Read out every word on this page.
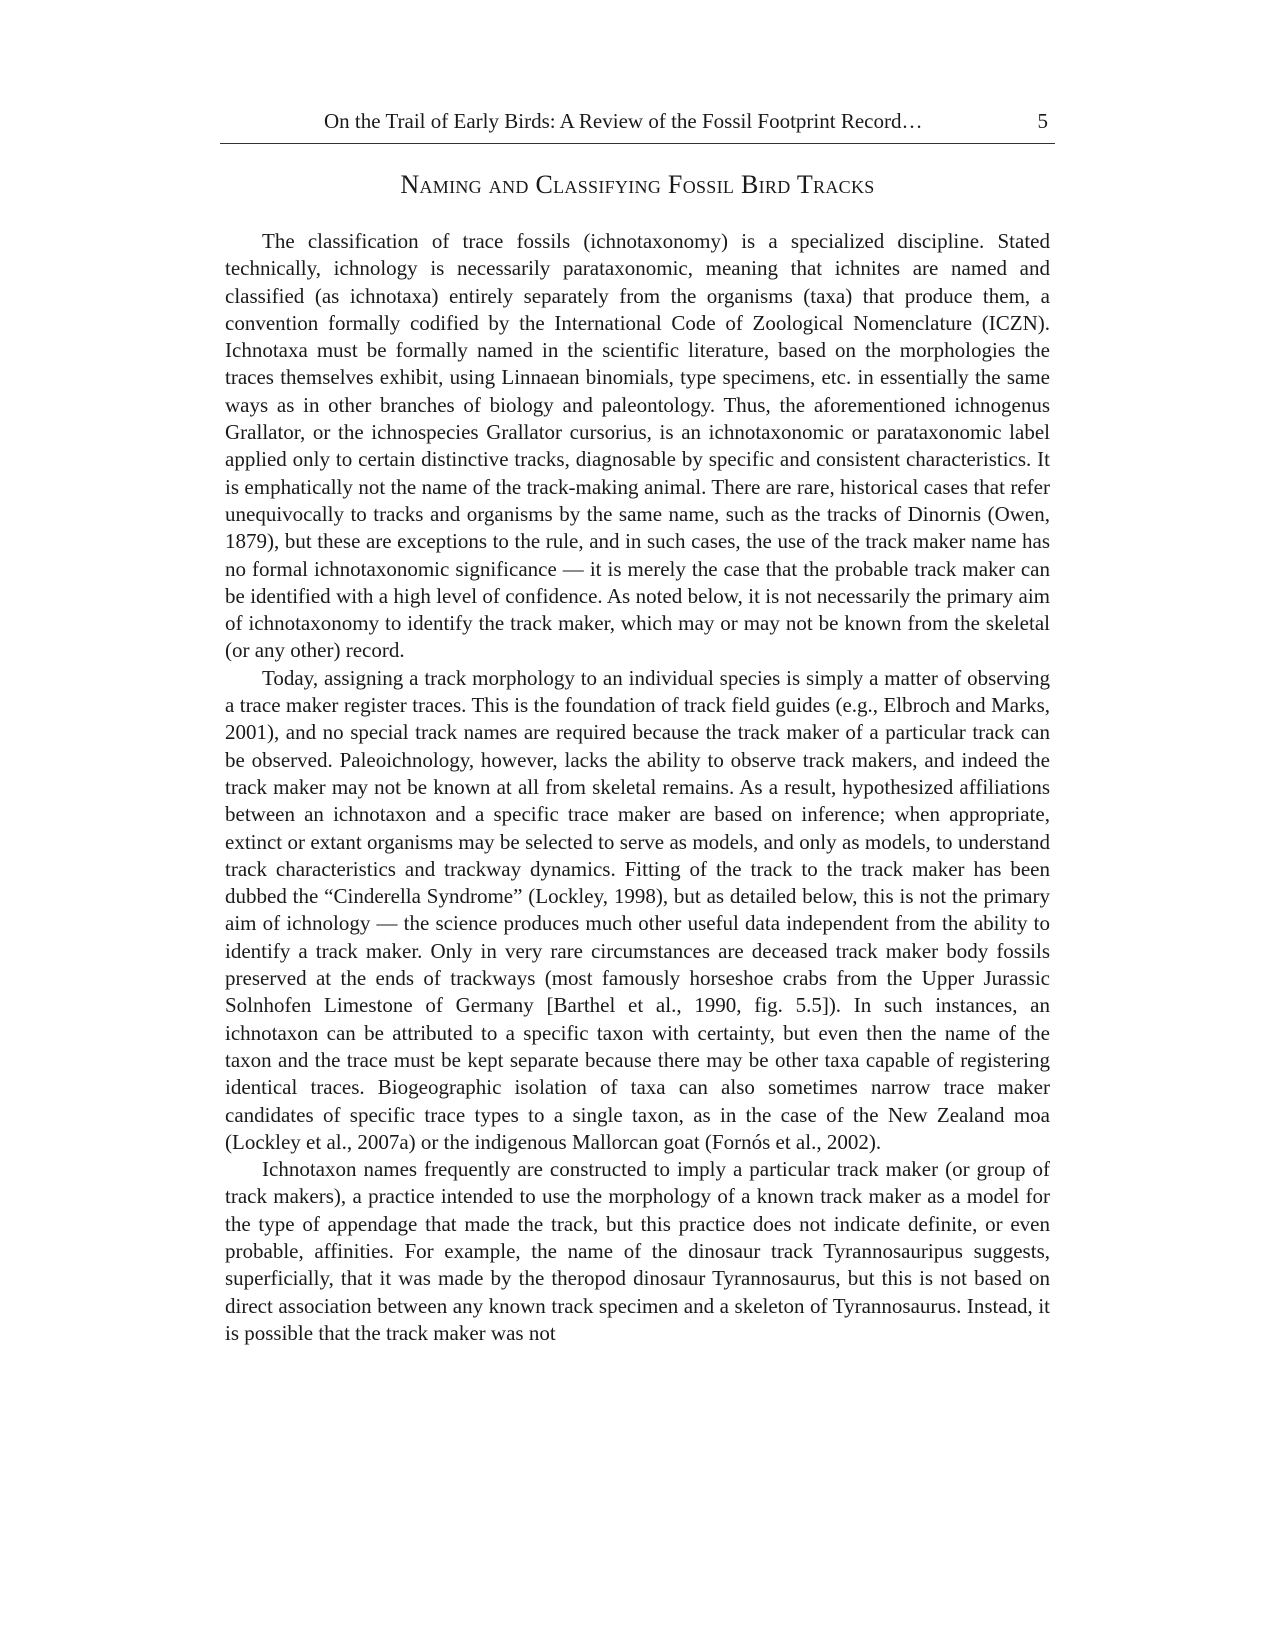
On the Trail of Early Birds: A Review of the Fossil Footprint Record…	5
Naming and Classifying Fossil Bird Tracks

The classification of trace fossils (ichnotaxonomy) is a specialized discipline. Stated technically, ichnology is necessarily parataxonomic, meaning that ichnites are named and classified (as ichnotaxa) entirely separately from the organisms (taxa) that produce them, a convention formally codified by the International Code of Zoological Nomenclature (ICZN). Ichnotaxa must be formally named in the scientific literature, based on the morphologies the traces themselves exhibit, using Linnaean binomials, type specimens, etc. in essentially the same ways as in other branches of biology and paleontology. Thus, the aforementioned ichnogenus Grallator, or the ichnospecies Grallator cursorius, is an ichnotaxonomic or parataxonomic label applied only to certain distinctive tracks, diagnosable by specific and consistent characteristics. It is emphatically not the name of the track-making animal. There are rare, historical cases that refer unequivocally to tracks and organisms by the same name, such as the tracks of Dinornis (Owen, 1879), but these are exceptions to the rule, and in such cases, the use of the track maker name has no formal ichnotaxonomic significance — it is merely the case that the probable track maker can be identified with a high level of confidence. As noted below, it is not necessarily the primary aim of ichnotaxonomy to identify the track maker, which may or may not be known from the skeletal (or any other) record.

Today, assigning a track morphology to an individual species is simply a matter of observing a trace maker register traces. This is the foundation of track field guides (e.g., Elbroch and Marks, 2001), and no special track names are required because the track maker of a particular track can be observed. Paleoichnology, however, lacks the ability to observe track makers, and indeed the track maker may not be known at all from skeletal remains. As a result, hypothesized affiliations between an ichnotaxon and a specific trace maker are based on inference; when appropriate, extinct or extant organisms may be selected to serve as models, and only as models, to understand track characteristics and trackway dynamics. Fitting of the track to the track maker has been dubbed the “Cinderella Syndrome” (Lockley, 1998), but as detailed below, this is not the primary aim of ichnology — the science produces much other useful data independent from the ability to identify a track maker. Only in very rare circumstances are deceased track maker body fossils preserved at the ends of trackways (most famously horseshoe crabs from the Upper Jurassic Solnhofen Limestone of Germany [Barthel et al., 1990, fig. 5.5]). In such instances, an ichnotaxon can be attributed to a specific taxon with certainty, but even then the name of the taxon and the trace must be kept separate because there may be other taxa capable of registering identical traces. Biogeographic isolation of taxa can also sometimes narrow trace maker candidates of specific trace types to a single taxon, as in the case of the New Zealand moa (Lockley et al., 2007a) or the indigenous Mallorcan goat (Fornós et al., 2002).

Ichnotaxon names frequently are constructed to imply a particular track maker (or group of track makers), a practice intended to use the morphology of a known track maker as a model for the type of appendage that made the track, but this practice does not indicate definite, or even probable, affinities. For example, the name of the dinosaur track Tyrannosauripus suggests, superficially, that it was made by the theropod dinosaur Tyrannosaurus, but this is not based on direct association between any known track specimen and a skeleton of Tyrannosaurus. Instead, it is possible that the track maker was not
